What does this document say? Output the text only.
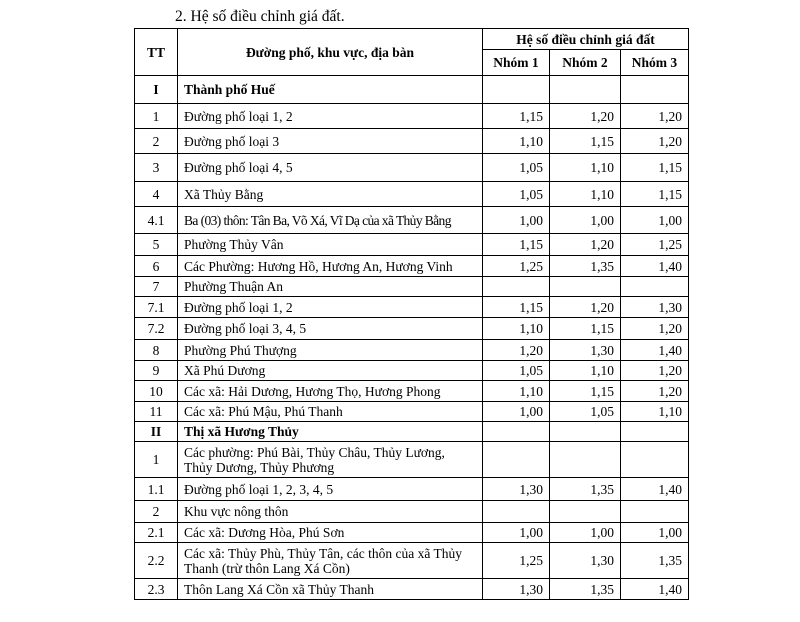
2. Hệ số điều chỉnh giá đất.
TT	Đường phố, khu vực, địa bàn	Hệ số điều chỉnh giá đất		
		Nhóm 1	Nhóm 2	Nhóm 3
I	Thành phố Huế			
1	Đường phố loại 1, 2	1,15	1,20	1,20
2	Đường phố loại 3	1,10	1,15	1,20
3	Đường phố loại 4, 5	1,05	1,10	1,15
4	Xã Thủy Bằng	1,05	1,10	1,15
4.1	Ba (03) thôn: Tân Ba, Võ Xá, Vĩ Dạ của xã Thủy Bằng	1,00	1,00	1,00
5	Phường Thủy Vân	1,15	1,20	1,25
6	Các Phường: Hương Hồ, Hương An, Hương Vinh	1,25	1,35	1,40
7	Phường Thuận An			
7.1	Đường phố loại 1, 2	1,15	1,20	1,30
7.2	Đường phố loại 3, 4, 5	1,10	1,15	1,20
8	Phường Phú Thượng	1,20	1,30	1,40
9	Xã Phú Dương	1,05	1,10	1,20
10	Các xã: Hải Dương, Hương Thọ, Hương Phong	1,10	1,15	1,20
11	Các xã: Phú Mậu, Phú Thanh	1,00	1,05	1,10
II	Thị xã Hương Thủy			
1	Các phường: Phú Bài, Thủy Châu, Thủy Lương, Thủy Dương, Thủy Phương			
1.1	Đường phố loại 1, 2, 3, 4, 5	1,30	1,35	1,40
2	Khu vực nông thôn			
2.1	Các xã: Dương Hòa, Phú Sơn	1,00	1,00	1,00
2.2	Các xã: Thủy Phù, Thủy Tân, các thôn của xã Thủy Thanh (trừ thôn Lang Xá Cồn)	1,25	1,30	1,35
2.3	Thôn Lang Xá Cồn xã Thủy Thanh	1,30	1,35	1,40
